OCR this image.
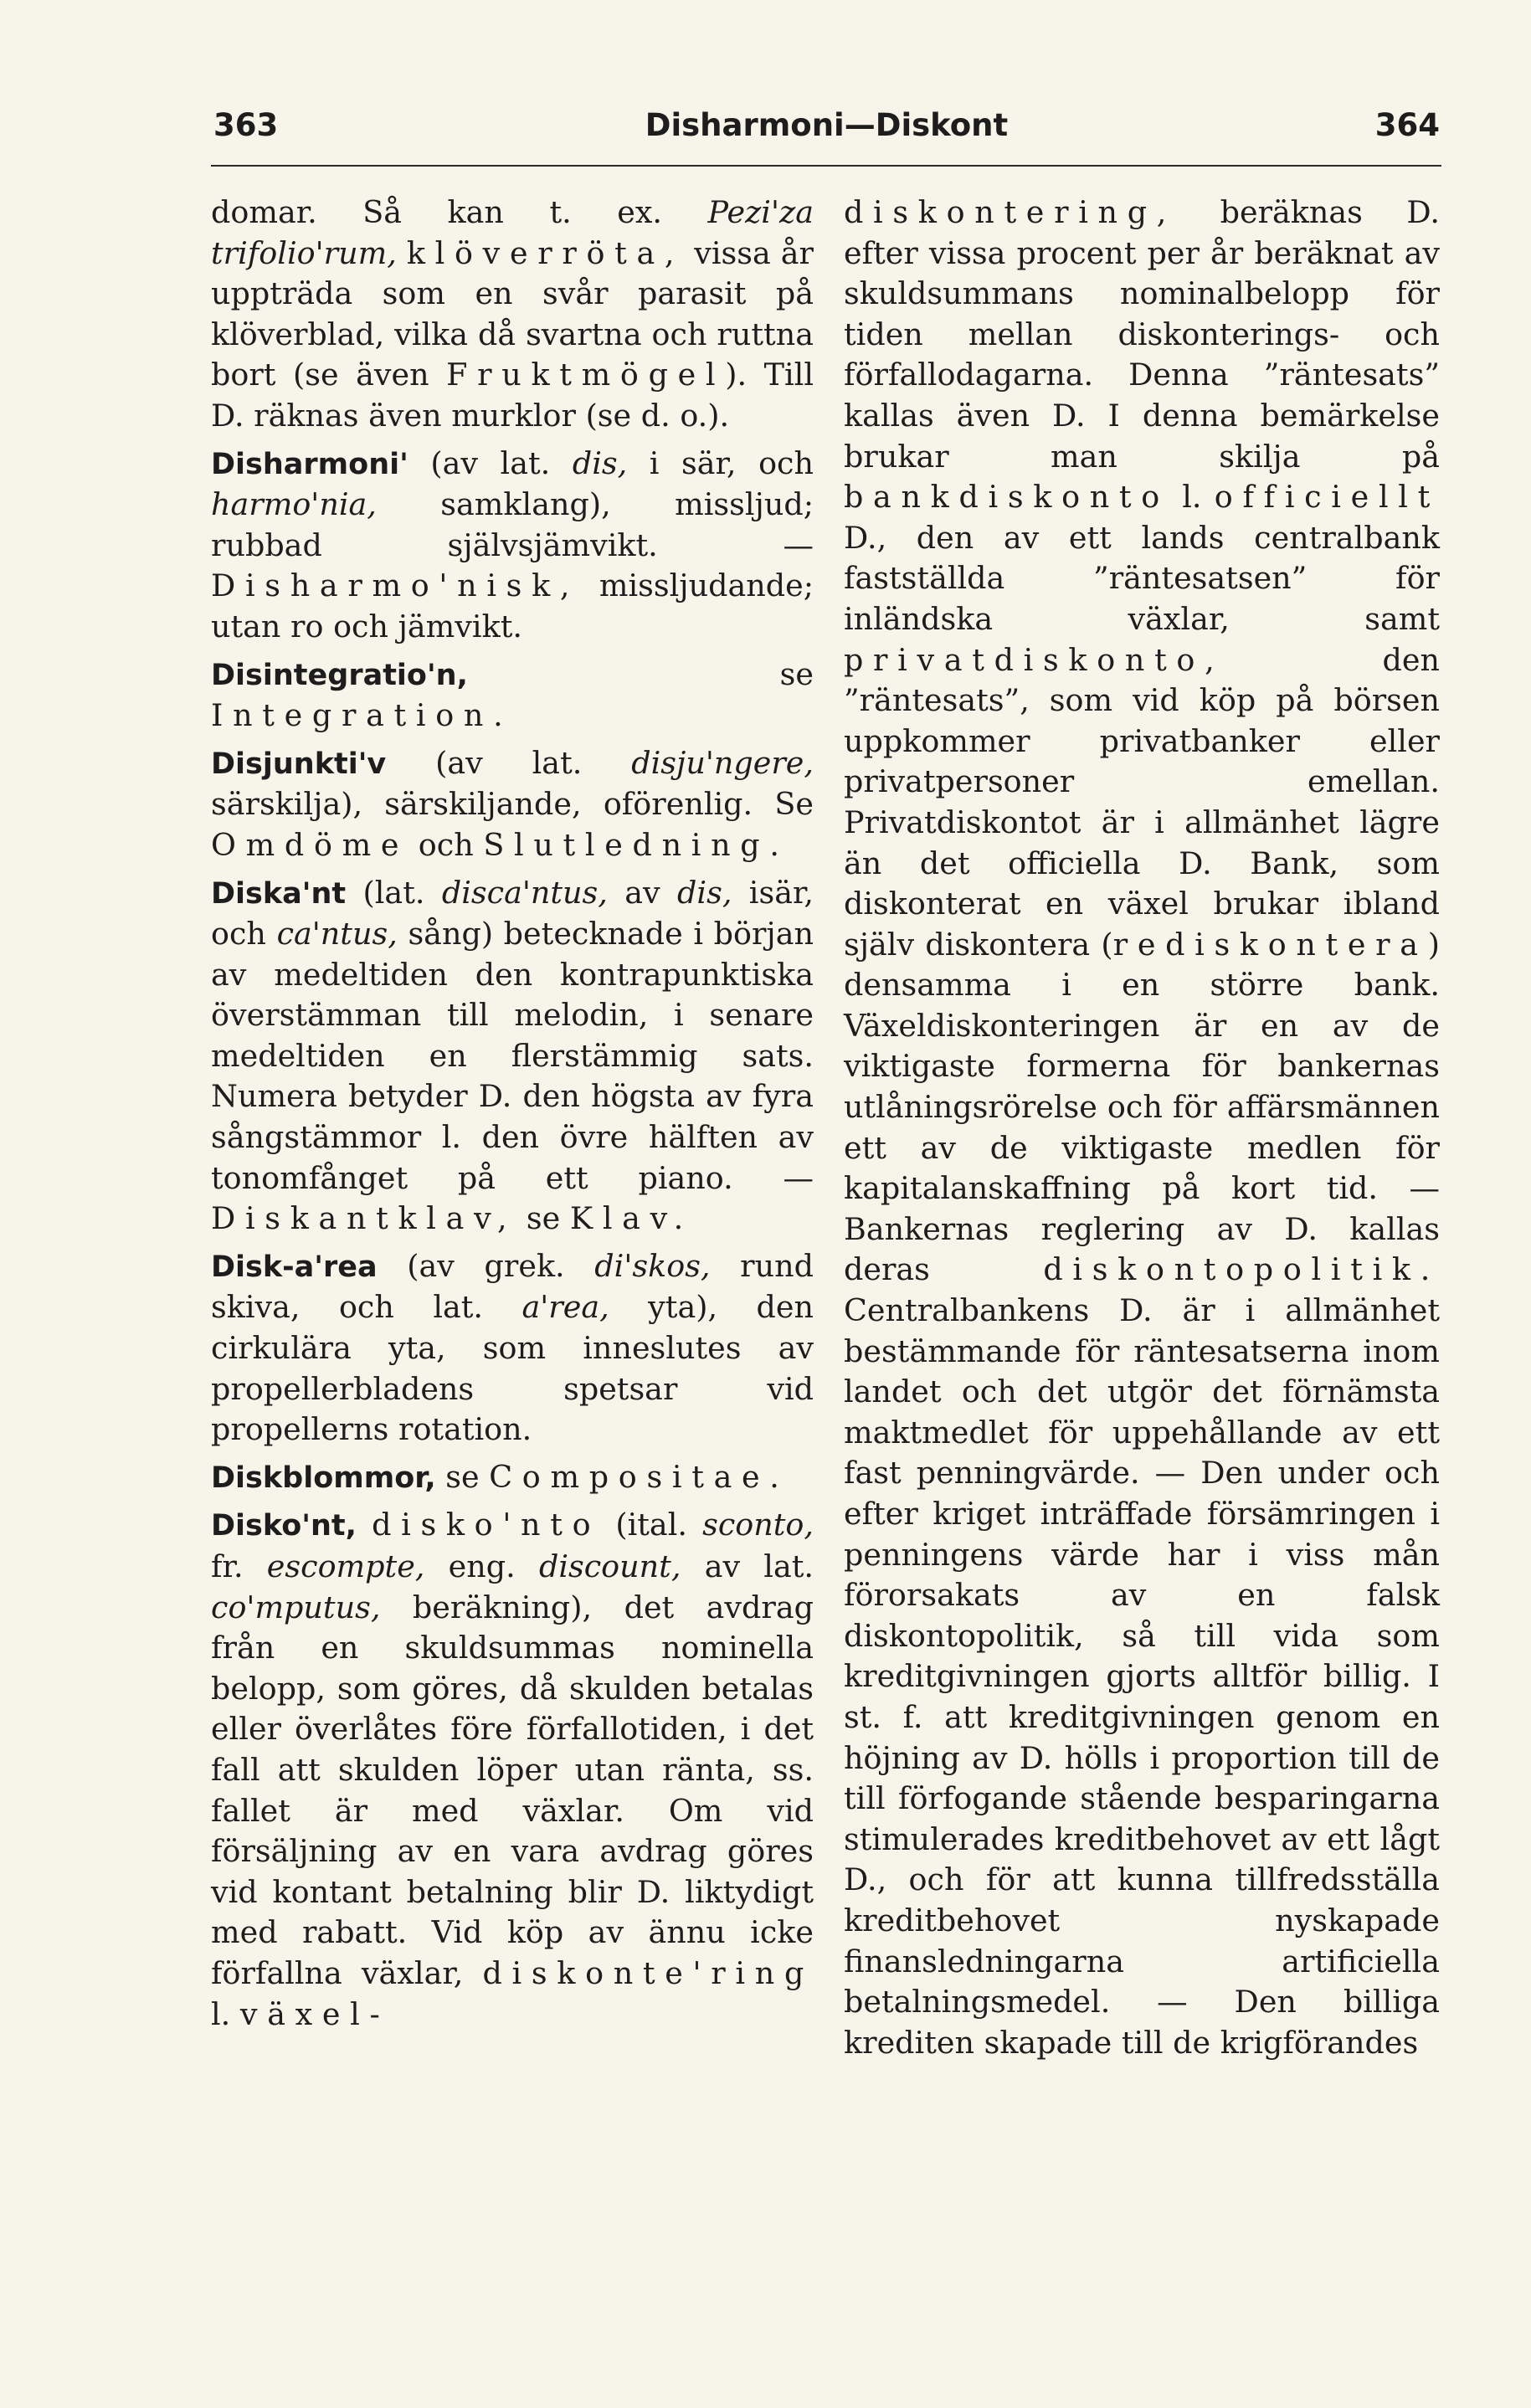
363	Disharmoni—Diskont	364

domar. Så kan t. ex. Pezi'za trifolio'rum, klöverröta, vissa år uppträda som en svår parasit på klöverblad, vilka då svartna och ruttna bort (se även Fruktmögel). Till D. räknas även murklor (se d. o.).

Disharmoni' (av lat. dis, i sär, och harmo'nia, samklang), missljud; rubbad självsjämvikt. — Disharmo'nisk, missljudande; utan ro och jämvikt.

Disintegratio'n, se Integration.

Disjunkti'v (av lat. disju'ngere, särskilja), särskiljande, oförenlig. Se Omdöme och Slutledning.

Diska'nt (lat. disca'ntus, av dis, isär, och ca'ntus, sång) betecknade i början av medeltiden den kontrapunktiska överstämman till melodin, i senare medeltiden en flerstämmig sats. Numera betyder D. den högsta av fyra sångstämmor l. den övre hälften av tonomfånget på ett piano. — Diskantklav, se Klav.

Disk-a'rea (av grek. di'skos, rund skiva, och lat. a'rea, yta), den cirkulära yta, som inneslutes av propellerbladens spetsar vid propellerns rotation.

Diskblommor, se Compositae.

Disko'nt, disko'nto (ital. sconto, fr. escompte, eng. discount, av lat. co'mputus, beräkning), det avdrag från en skuldsummas nominella belopp, som göres, då skulden betalas eller överlåtes före förfallotiden, i det fall att skulden löper utan ränta, ss. fallet är med växlar. Om vid försäljning av en vara avdrag göres vid kontant betalning blir D. liktydigt med rabatt. Vid köp av ännu icke förfallna växlar, diskonte'ring l. växel-

diskontering, beräknas D. efter vissa procent per år beräknat av skuldsummans nominalbelopp för tiden mellan diskonterings- och förfallodagarna. Denna ”räntesats” kallas även D. I denna bemärkelse brukar man skilja på bankdiskonto l. officiellt D., den av ett lands centralbank fastställda ”räntesatsen” för inländska växlar, samt privatdiskonto, den ”räntesats”, som vid köp på börsen uppkommer privatbanker eller privatpersoner emellan. Privatdiskontot är i allmänhet lägre än det officiella D. Bank, som diskonterat en växel brukar ibland själv diskontera (rediskontera) densamma i en större bank. Växeldiskonteringen är en av de viktigaste formerna för bankernas utlåningsrörelse och för affärsmännen ett av de viktigaste medlen för kapitalanskaffning på kort tid. — Bankernas reglering av D. kallas deras diskontopolitik. Centralbankens D. är i allmänhet bestämmande för räntesatserna inom landet och det utgör det förnämsta maktmedlet för uppehållande av ett fast penningvärde. — Den under och efter kriget inträffade försämringen i penningens värde har i viss mån förorsakats av en falsk diskontopolitik, så till vida som kreditgivningen gjorts alltför billig. I st. f. att kreditgivningen genom en höjning av D. hölls i proportion till de till förfogande stående besparingarna stimulerades kreditbehovet av ett lågt D., och för att kunna tillfredsställa kreditbehovet nyskapade finansledningarna artificiella betalningsmedel. — Den billiga krediten skapade till de krigförandes
